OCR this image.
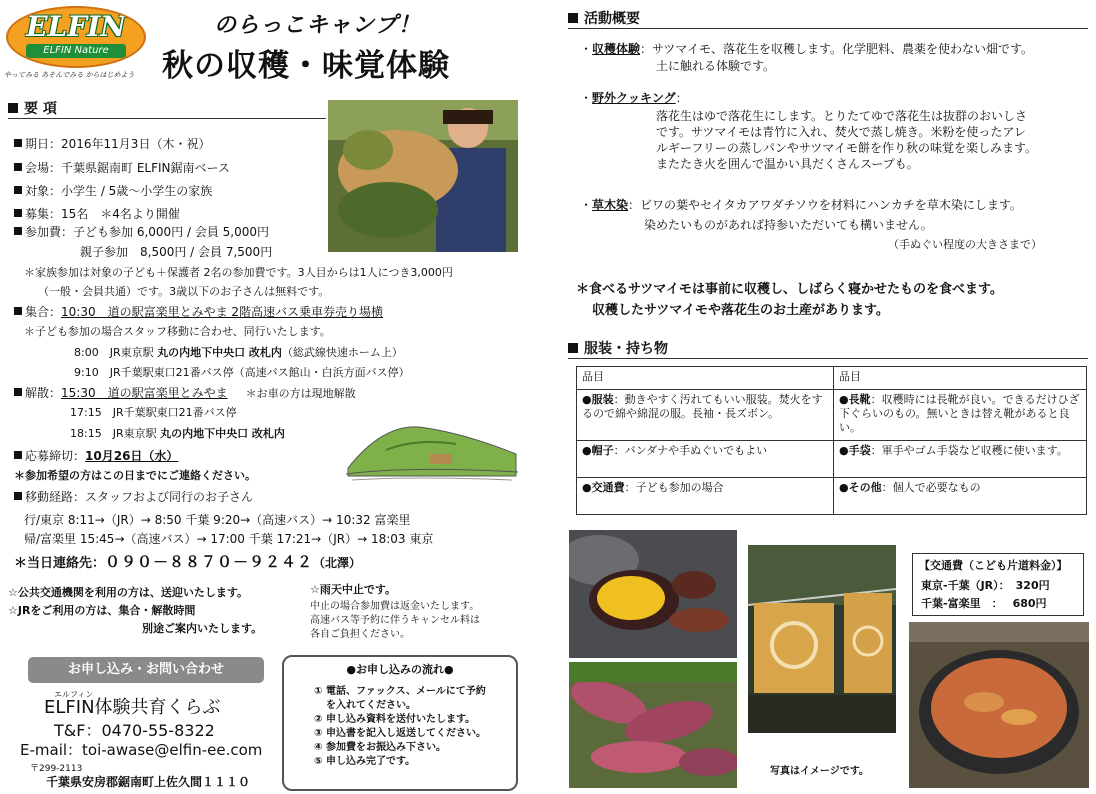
ELFIN
ELFIN Nature
やってみる あそんでみる からはじめよう
のらっこキャンプ！
秋の収穫・味覚体験
要 項
期日：2016年11月3日（木・祝）
会場：千葉県鋸南町 ELFIN鋸南ベース
対象：小学生 / 5歳～小学生の家族
募集：15名　＊4名より開催
参加費：子ども参加 6,000円 / 会員 5,000円
親子参加　8,500円 / 会員 7,500円
＊家族参加は対象の子ども＋保護者 2名の参加費です。3人目からは1人につき3,000円
（一般・会員共通）です。3歳以下のお子さんは無料です。
集合：10:30　道の駅富楽里とみやま 2階高速バス乗車券売り場横
＊子ども参加の場合スタッフ移動に合わせ、同行いたします。
8:00　JR東京駅 丸の内地下中央口 改札内（総武線快速ホーム上）
9:10　JR千葉駅東口21番バス停（高速バス館山・白浜方面バス停）
解散：15:30　道の駅富楽里とみやま ＊お車の方は現地解散
17:15　JR千葉駅東口21番バス停
18:15　JR東京駅 丸の内地下中央口 改札内
応募締切：10月26日（水）
＊参加希望の方はこの日までにご連絡ください。
移動経路：スタッフおよび同行のお子さん
行/東京 8:11→（JR）→ 8:50 千葉 9:20→（高速バス）→ 10:32 富楽里
帰/富楽里 15:45→（高速バス）→ 17:00 千葉 17:21→（JR）→ 18:03 東京
＊当日連絡先：０９０－８８７０－９２４２（北澤）
☆公共交通機関を利用の方は、送迎いたします。
☆JRをご利用の方は、集合・解散時間
別途ご案内いたします。
☆雨天中止です。
中止の場合参加費は返金いたします。
高速バス等予約に伴うキャンセル料は
各自ご負担ください。
お申し込み・お問い合わせ
エルフィン
ELFIN体験共育くらぶ
T&F：0470-55-8322
E-mail：toi-awase@elfin-ee.com
〒299-2113
千葉県安房郡鋸南町上佐久間１１１０
●お申し込みの流れ●
① 電話、ファックス、メールにて予約
を入れてください。
② 申し込み資料を送付いたします。
③ 申込書を記入し返送してください。
④ 参加費をお振込み下さい。
⑤ 申し込み完了です。
活動概要
・収穫体験：サツマイモ、落花生を収穫します。化学肥料、農薬を使わない畑です。
土に触れる体験です。
・野外クッキング：
落花生はゆで落花生にします。とりたてゆで落花生は抜群のおいしさ
です。サツマイモは青竹に入れ、焚火で蒸し焼き。米粉を使ったアレ
ルギーフリーの蒸しパンやサツマイモ餅を作り秋の味覚を楽しみます。
またたき火を囲んで温かい具だくさんスープも。
・草木染：ビワの葉やセイタカアワダチソウを材料にハンカチを草木染にします。
染めたいものがあれば持参いただいても構いません。
（手ぬぐい程度の大きさまで）
＊食べるサツマイモは事前に収穫し、しばらく寝かせたものを食べます。
収穫したサツマイモや落花生のお土産があります。
服装・持ち物
品目	品目
●服装：動きやすく汚れてもいい服装。焚火をするので綿や綿混の服。長袖・長ズボン。	●長靴：収穫時には長靴が良い。できるだけひざ下ぐらいのもの。無いときは替え靴があると良い。
●帽子：バンダナや手ぬぐいでもよい	●手袋：軍手やゴム手袋など収穫に使います。
●交通費：子ども参加の場合	●その他：個人で必要なもの
【交通費（こども片道料金）】
東京-千葉（JR）： 320円
千葉-富楽里　： 680円
写真はイメージです。
